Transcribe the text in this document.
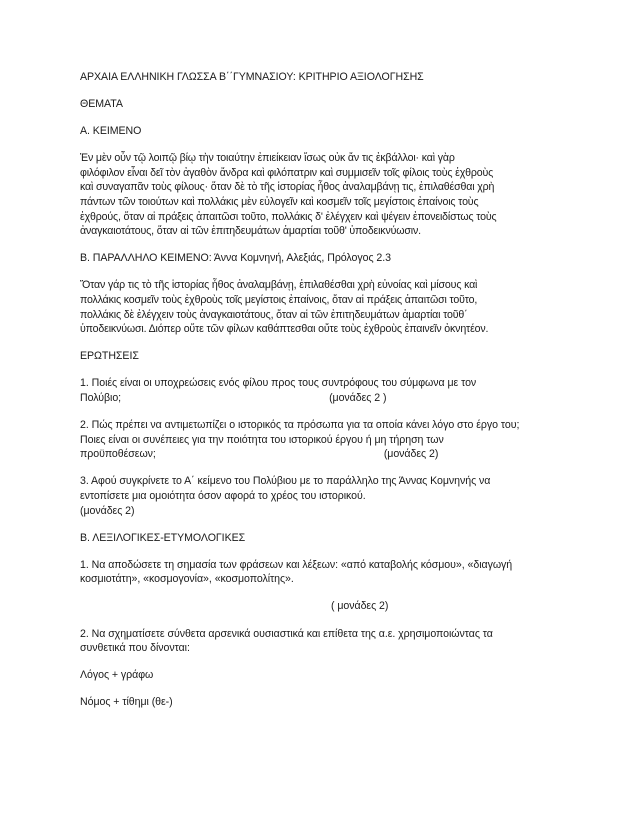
ΑΡΧΑΙΑ ΕΛΛΗΝΙΚΗ ΓΛΩΣΣΑ Β΄΄ΓΥΜΝΑΣΙΟΥ: ΚΡΙΤΗΡΙΟ ΑΞΙΟΛΟΓΗΣΗΣ

ΘΕΜΑΤΑ

Α. ΚΕΙΜΕΝΟ

Ἐν μὲν οὖν τῷ λοιπῷ βίῳ τὴν τοιαύτην ἐπιείκειαν ἴσως οὐκ ἄν τις ἐκβάλλοι· καὶ γὰρ
φιλόφιλον εἶναι δεῖ τὸν ἀγαθὸν ἄνδρα καὶ φιλόπατριν καὶ συμμισεῖν τοῖς φίλοις τοὺς ἐχθροὺς
καὶ συναγαπᾶν τοὺς φίλους· ὅταν δὲ τὸ τῆς ἱστορίας ἦθος ἀναλαμβάνῃ τις, ἐπιλαθέσθαι χρὴ
πάντων τῶν τοιούτων καὶ πολλάκις μὲν εὐλογεῖν καὶ κοσμεῖν τοῖς μεγίστοις ἐπαίνοις τοὺς
ἐχθρούς, ὅταν αἱ πράξεις ἀπαιτῶσι τοῦτο, πολλάκις δ' ἐλέγχειν καὶ ψέγειν ἐπονειδίστως τοὺς
ἀναγκαιοτάτους, ὅταν αἱ τῶν ἐπιτηδευμάτων ἁμαρτίαι τοῦθ' ὑποδεικνύωσιν.

Β. ΠΑΡΑΛΛΗΛΟ ΚΕΙΜΕΝΟ: Άννα Κομνηνή, Αλεξιάς, Πρόλογος 2.3

Ὅταν γάρ τις τὸ τῆς ἱστορίας ἦθος ἀναλαμβάνῃ, ἐπιλαθέσθαι χρὴ εὐνοίας καὶ μίσους καὶ
πολλάκις κοσμεῖν τοὺς ἐχθροὺς τοῖς μεγίστοις ἐπαίνοις, ὅταν αἱ πράξεις ἀπαιτῶσι τοῦτο,
πολλάκις δὲ ἐλέγχειν τοὺς ἀναγκαιοτάτους, ὅταν αἱ τῶν ἐπιτηδευμάτων ἁμαρτίαι τοῦθ΄
ὑποδεικνύωσι. Διόπερ οὔτε τῶν φίλων καθάπτεσθαι οὔτε τοὺς ἐχθροὺς ἐπαινεῖν ὀκνητέον.

ΕΡΩΤΗΣΕΙΣ

1. Ποιές είναι οι υποχρεώσεις ενός φίλου προς τους συντρόφους του σύμφωνα με τον
Πολύβιο;	(μονάδες 2 )

2. Πώς πρέπει να αντιμετωπίζει ο ιστορικός τα πρόσωπα για τα οποία κάνει λόγο στο έργο του;
Ποιες είναι οι συνέπειες για την ποιότητα του ιστορικού έργου ή μη τήρηση των
προϋποθέσεων;	(μονάδες 2)

3. Αφού συγκρίνετε το Α΄ κείμενο του Πολύβιου με το παράλληλο της Άννας Κομνηνής να
εντοπίσετε μια ομοιότητα όσον αφορά το χρέος του ιστορικού.
(μονάδες 2)

Β. ΛΕΞΙΛΟΓΙΚΕΣ-ΕΤΥΜΟΛΟΓΙΚΕΣ

1. Να αποδώσετε τη σημασία των φράσεων και λέξεων: «από καταβολής κόσμου», «διαγωγή
κοσμιοτάτη», «κοσμογονία», «κοσμοπολίτης».

( μονάδες 2)

2. Να σχηματίσετε σύνθετα αρσενικά ουσιαστικά και επίθετα της α.ε. χρησιμοποιώντας τα
συνθετικά που δίνονται:

Λόγος + γράφω

Νόμος + τίθημι (θε-)
